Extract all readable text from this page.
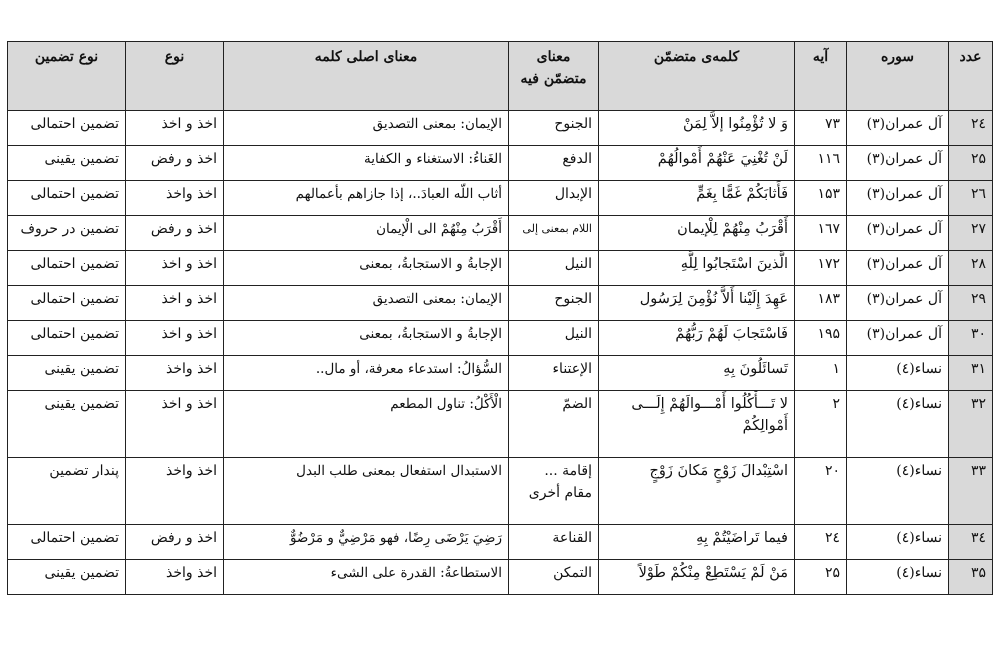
عدد	سوره	آیه	کلمه‌ی متضمّن	معنای متضمّن فیه	معنای اصلی کلمه	نوع	نوع تضمین
۲٤	آل عمران(۳)	۷۳	وَ لا تُؤْمِنُوا إلاَّ لِمَنْ	الجنوح	الإیمان: بمعنی التصدیق	اخذ و اخذ	تضمین احتمالی
۲۵	آل عمران(۳)	۱۱٦	لَنْ تُغْنِيَ عَنْهُمْ أَمْوالُهُمْ	الدفع	الغَناءُ: الاستغناء و الکفایة	اخذ و رفض	تضمین یقینی
۲٦	آل عمران(۳)	۱۵۳	فَأَثابَكُمْ غَمًّا بِغَمٍّ	الإبدال	أثاب اللّه العبادَ..، إذا جازاهم بأعمالهم	اخذ واخذ	تضمین احتمالی
۲۷	آل عمران(۳)	۱٦۷	أَقْرَبُ مِنْهُمْ لِلْإيمان	اللام بمعنی إلی	أَقْرَبُ مِنْهُمْ الی الْإیمان	اخذ و رفض	تضمین در حروف
۲۸	آل عمران(۳)	۱۷۲	الَّذينَ اسْتَجابُوا لِلَّهِ	النیل	الإجابةُ و الاستجابةُ، بمعنی	اخذ و اخذ	تضمین احتمالی
۲۹	آل عمران(۳)	۱۸۳	عَهِدَ إِلَيْنا أَلاَّ نُؤْمِنَ لِرَسُول	الجنوح	الإیمان: بمعنی التصدیق	اخذ و اخذ	تضمین احتمالی
۳۰	آل عمران(۳)	۱۹۵	فَاسْتَجابَ لَهُمْ رَبُّهُمْ	النیل	الإجابةُ و الاستجابةُ، بمعنی	اخذ و اخذ	تضمین احتمالی
۳۱	نساء(٤)	۱	تَسائَلُونَ بِهِ	الإعتناء	السُّؤالُ: استدعاء معرفة، أو مال..	اخذ واخذ	تضمین یقینی
۳۲	نساء(٤)	۲	لا تَـــأْكُلُوا أَمْـــوالَهُمْ إِلَـــى أَمْوالِكُمْ	الضمّ	الْأَكْلُ: تناول المطعم	اخذ و اخذ	تضمین یقینی
۳۳	نساء(٤)	۲۰	اسْتِبْدالَ زَوْجٍ مَكانَ زَوْجٍ	إقامة ... مقام أخری	الاستبدال استفعال بمعنی طلب البدل	اخذ واخذ	پندار تضمین
۳٤	نساء(٤)	۲٤	فيما تَراضَيْتُمْ بِهِ	القناعة	رَضِيَ يَرْضَى رِضًا، فهو مَرْضِيٌّ و مَرْضُوٌّ	اخذ و رفض	تضمین احتمالی
۳۵	نساء(٤)	۲۵	مَنْ لَمْ يَسْتَطِعْ مِنْكُمْ طَوْلاً	التمکن	الاستطاعةُ: القدرة علی الشیء	اخذ واخذ	تضمین یقینی
